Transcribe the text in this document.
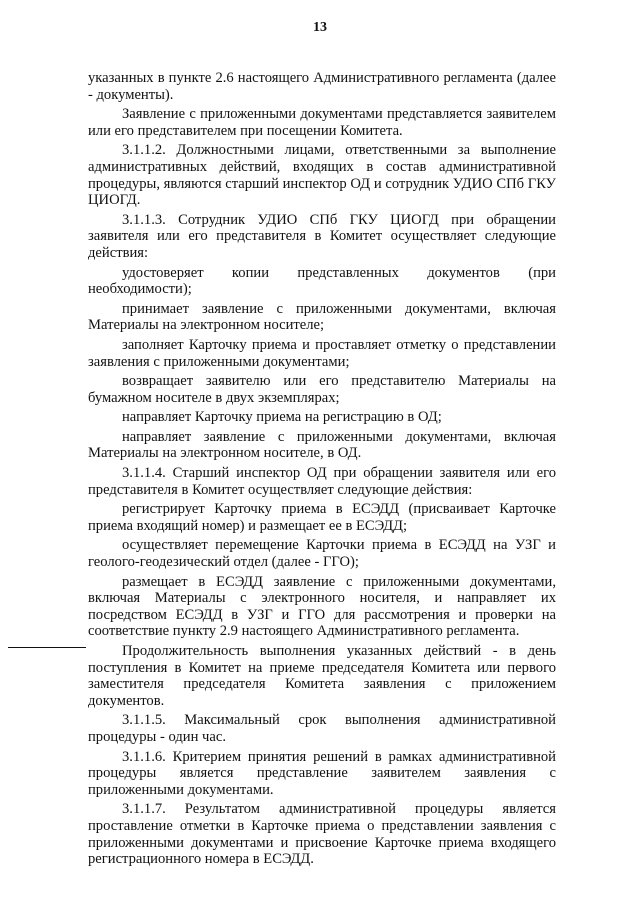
13

указанных в пункте 2.6 настоящего Административного регламента (далее - документы).

Заявление с приложенными документами представляется заявителем или его представителем при посещении Комитета.

3.1.1.2. Должностными лицами, ответственными за выполнение административных действий, входящих в состав административной процедуры, являются старший инспектор ОД и сотрудник УДИО СПб ГКУ ЦИОГД.

3.1.1.3. Сотрудник УДИО СПб ГКУ ЦИОГД при обращении заявителя или его представителя в Комитет осуществляет следующие действия:

удостоверяет копии представленных документов (при необходимости);

принимает заявление с приложенными документами, включая Материалы на электронном носителе;

заполняет Карточку приема и проставляет отметку о представлении заявления с приложенными документами;

возвращает заявителю или его представителю Материалы на бумажном носителе в двух экземплярах;

направляет Карточку приема на регистрацию в ОД;

направляет заявление с приложенными документами, включая Материалы на электронном носителе, в ОД.

3.1.1.4. Старший инспектор ОД при обращении заявителя или его представителя в Комитет осуществляет следующие действия:

регистрирует Карточку приема в ЕСЭДД (присваивает Карточке приема входящий номер) и размещает ее в ЕСЭДД;

осуществляет перемещение Карточки приема в ЕСЭДД на УЗГ и геолого-геодезический отдел (далее - ГГО);

размещает в ЕСЭДД заявление с приложенными документами, включая Материалы с электронного носителя, и направляет их посредством ЕСЭДД в УЗГ и ГГО для рассмотрения и проверки на соответствие пункту 2.9 настоящего Административного регламента.

Продолжительность выполнения указанных действий - в день поступления в Комитет на приеме председателя Комитета или первого заместителя председателя Комитета заявления с приложением документов.

3.1.1.5. Максимальный срок выполнения административной процедуры - один час.

3.1.1.6. Критерием принятия решений в рамках административной процедуры является представление заявителем заявления с приложенными документами.

3.1.1.7. Результатом административной процедуры является проставление отметки в Карточке приема о представлении заявления с приложенными документами и присвоение Карточке приема входящего регистрационного номера в ЕСЭДД.
